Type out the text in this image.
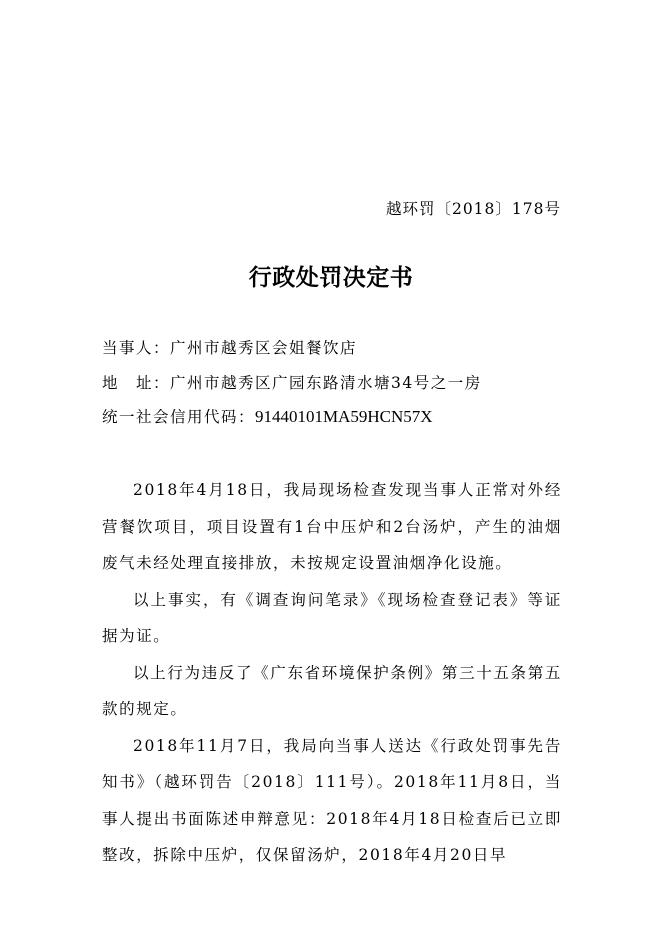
越环罚〔2018〕178号
行政处罚决定书
当事人：广州市越秀区会姐餐饮店
地　址：广州市越秀区广园东路清水塘34号之一房
统一社会信用代码：91440101MA59HCN57X

2018年4月18日，我局现场检查发现当事人正常对外经营餐饮项目，项目设置有1台中压炉和2台汤炉，产生的油烟废气未经处理直接排放，未按规定设置油烟净化设施。

以上事实，有《调查询问笔录》《现场检查登记表》等证据为证。

以上行为违反了《广东省环境保护条例》第三十五条第五款的规定。

2018年11月7日，我局向当事人送达《行政处罚事先告知书》（越环罚告〔2018〕111号）。2018年11月8日，当事人提出书面陈述申辩意见：2018年4月18日检查后已立即整改，拆除中压炉，仅保留汤炉，2018年4月20日早
